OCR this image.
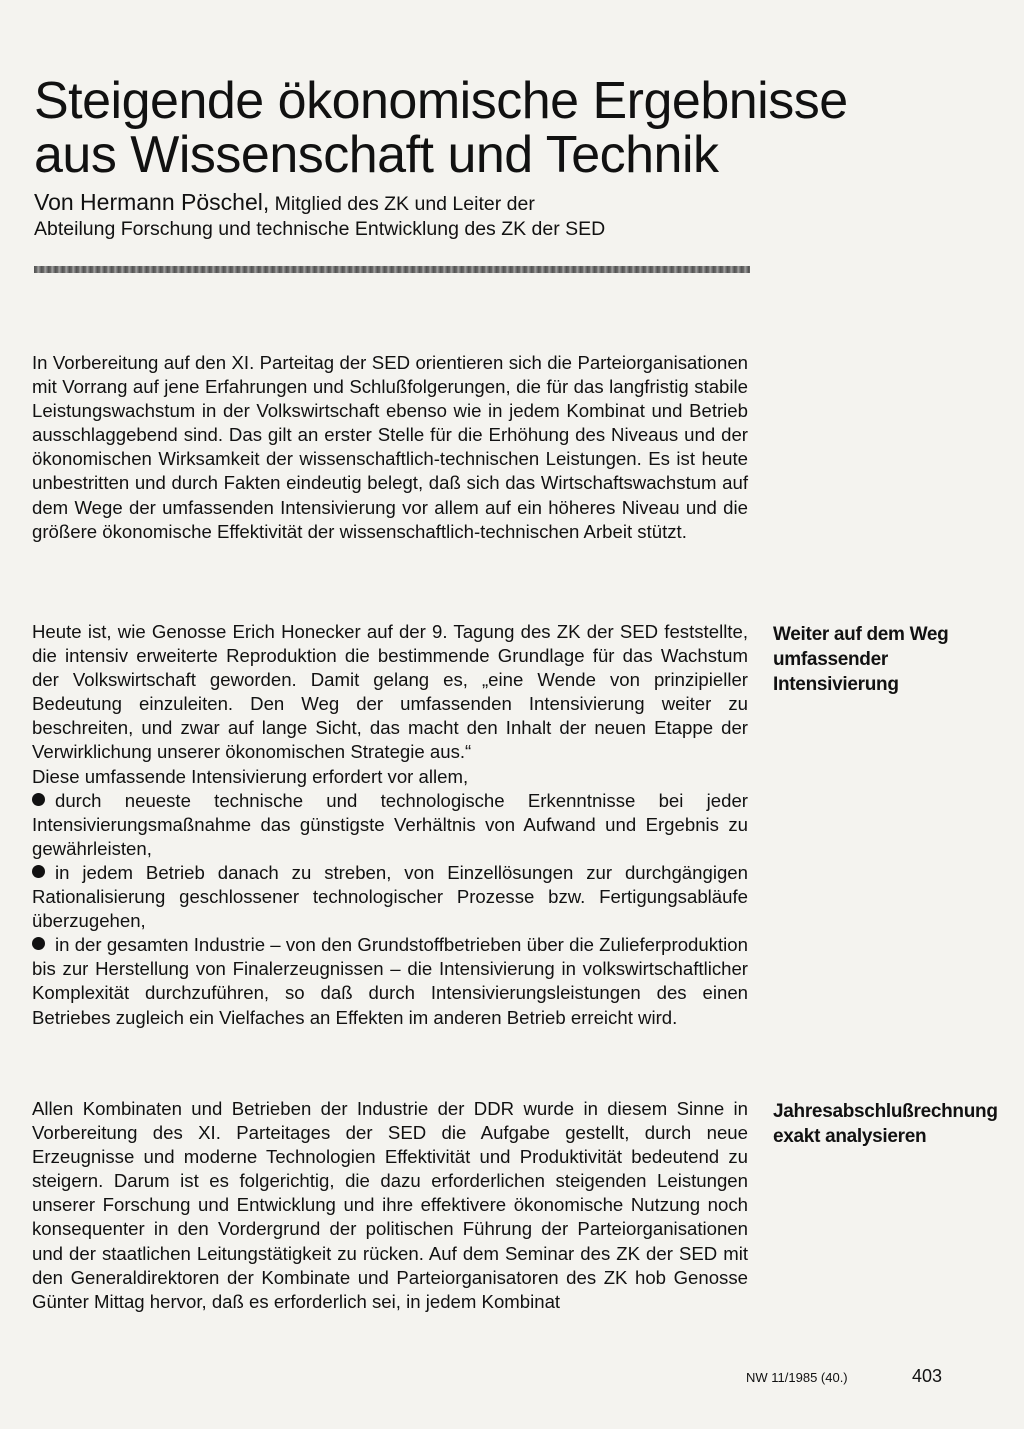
Steigende ökonomische Ergebnisse
aus Wissenschaft und Technik
Von Hermann Pöschel, Mitglied des ZK und Leiter der
Abteilung Forschung und technische Entwicklung des ZK der SED

In Vorbereitung auf den XI. Parteitag der SED orientieren sich die Parteiorganisationen mit Vorrang auf jene Erfahrungen und Schlußfolgerungen, die für das langfristig stabile Leistungswachstum in der Volkswirtschaft ebenso wie in jedem Kombinat und Betrieb ausschlaggebend sind. Das gilt an erster Stelle für die Erhöhung des Niveaus und der ökonomischen Wirksamkeit der wissenschaftlich-technischen Leistungen. Es ist heute unbestritten und durch Fakten eindeutig belegt, daß sich das Wirtschaftswachstum auf dem Wege der umfassenden Intensivierung vor allem auf ein höheres Niveau und die größere ökonomische Effektivität der wissenschaftlich-technischen Arbeit stützt.

Weiter auf dem Weg umfassender Intensivierung

Heute ist, wie Genosse Erich Honecker auf der 9. Tagung des ZK der SED feststellte, die intensiv erweiterte Reproduktion die bestimmende Grundlage für das Wachstum der Volkswirtschaft geworden. Damit gelang es, „eine Wende von prinzipieller Bedeutung einzuleiten. Den Weg der umfassenden Intensivierung weiter zu beschreiten, und zwar auf lange Sicht, das macht den Inhalt der neuen Etappe der Verwirklichung unserer ökonomischen Strategie aus.“

Diese umfassende Intensivierung erfordert vor allem,

durch neueste technische und technologische Erkenntnisse bei jeder Intensivierungsmaßnahme das günstigste Verhältnis von Aufwand und Ergebnis zu gewährleisten,

in jedem Betrieb danach zu streben, von Einzellösungen zur durchgängigen Rationalisierung geschlossener technologischer Prozesse bzw. Fertigungsabläufe überzugehen,

in der gesamten Industrie – von den Grundstoffbetrieben über die Zulieferproduktion bis zur Herstellung von Finalerzeugnissen – die Intensivierung in volkswirtschaftlicher Komplexität durchzuführen, so daß durch Intensivierungsleistungen des einen Betriebes zugleich ein Vielfaches an Effekten im anderen Betrieb erreicht wird.

Jahresabschlußrechnung exakt analysieren

Allen Kombinaten und Betrieben der Industrie der DDR wurde in diesem Sinne in Vorbereitung des XI. Parteitages der SED die Aufgabe gestellt, durch neue Erzeugnisse und moderne Technologien Effektivität und Produktivität bedeutend zu steigern. Darum ist es folgerichtig, die dazu erforderlichen steigenden Leistungen unserer Forschung und Entwicklung und ihre effektivere ökonomische Nutzung noch konsequenter in den Vordergrund der politischen Führung der Parteiorganisationen und der staatlichen Leitungstätigkeit zu rücken. Auf dem Seminar des ZK der SED mit den Generaldirektoren der Kombinate und Parteiorganisatoren des ZK hob Genosse Günter Mittag hervor, daß es erforderlich sei, in jedem Kombinat

NW 11/1985 (40.)	403
